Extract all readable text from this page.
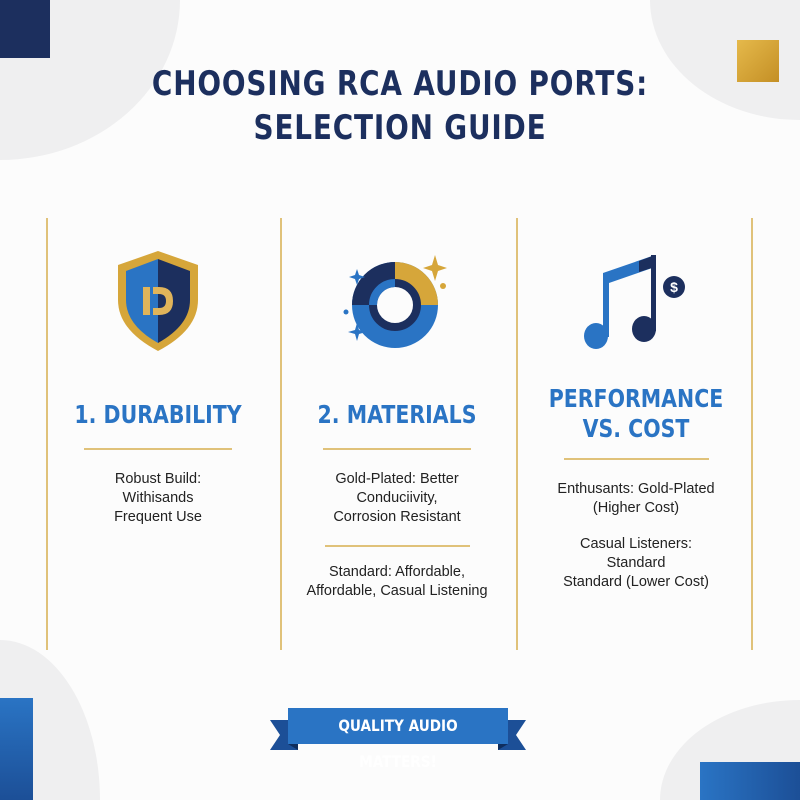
CHOOSING RCA AUDIO PORTS:
SELECTION GUIDE
1. DURABILITY
Robust Build:
Withisands
Frequent Use
2. MATERIALS
Gold-Plated: Better
Conduciivity,
Corrosion Resistant
Standard: Affordable,
Affordable, Casual Listening
$
PERFORMANCE
VS. COST
Enthusants: Gold-Plated
(Higher Cost)
Casual Listeners:
Standard
Standard (Lower Cost)
QUALITY AUDIO MATTERS!
